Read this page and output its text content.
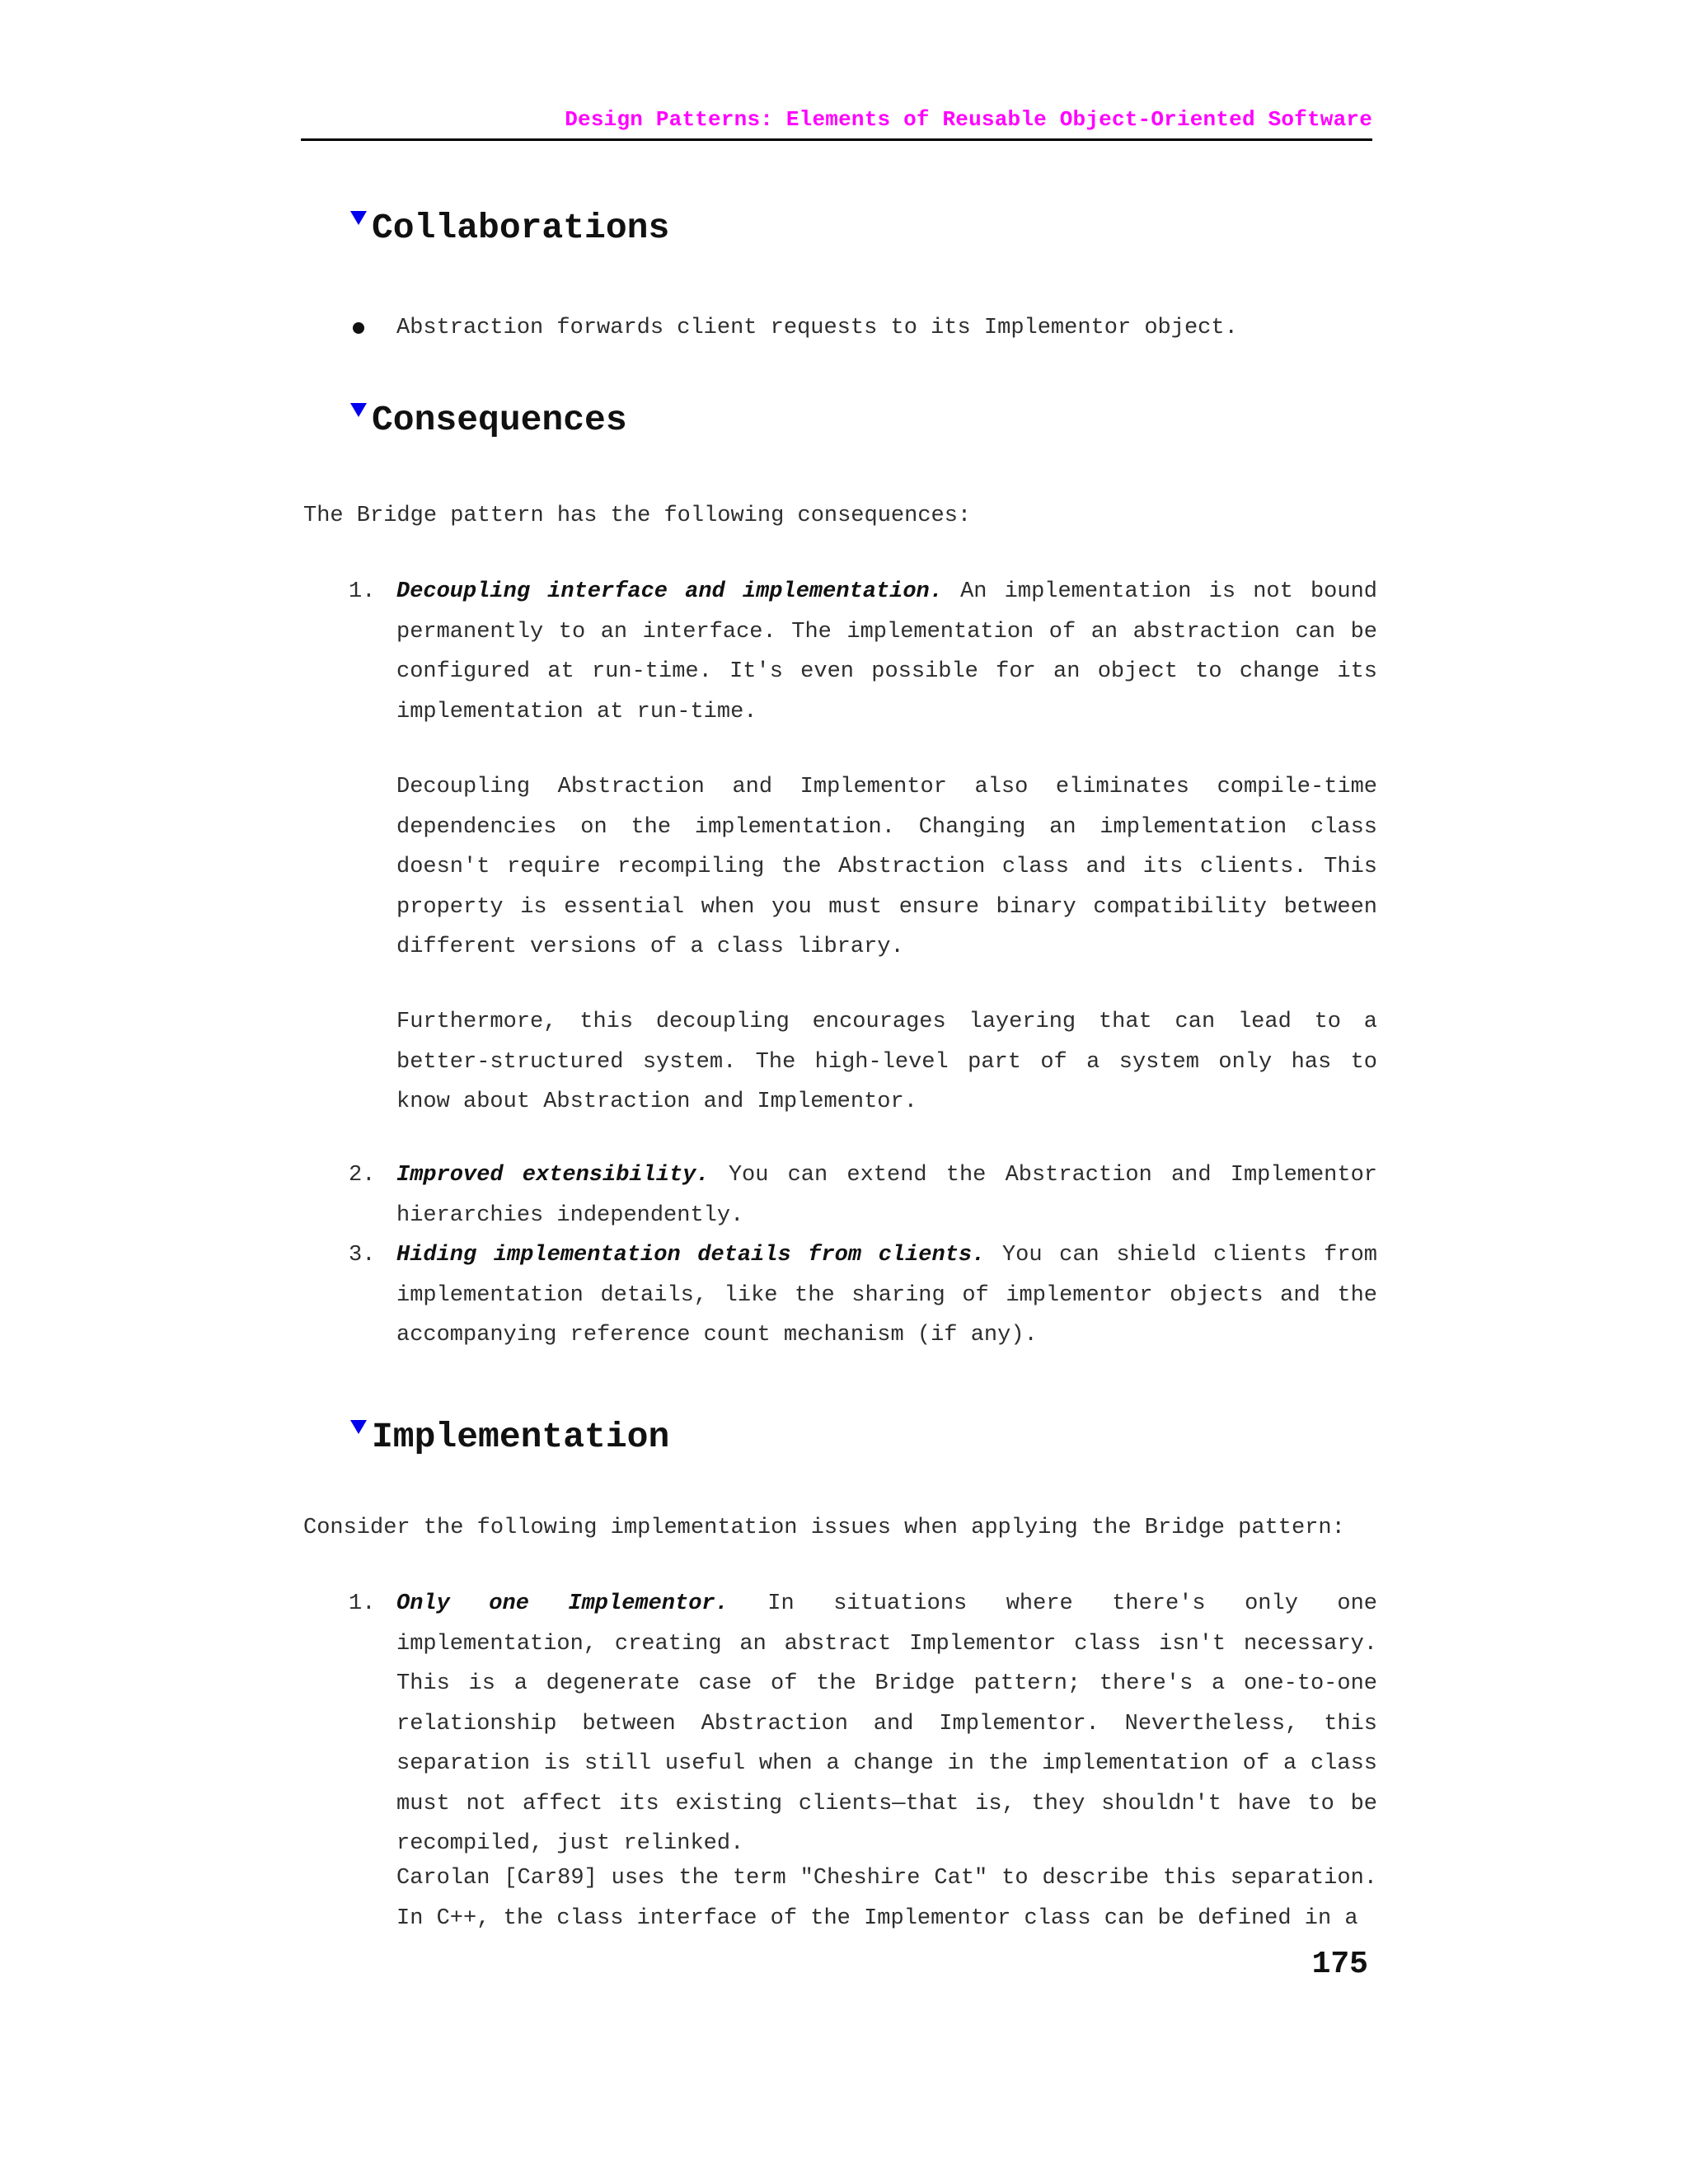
Design Patterns: Elements of Reusable Object-Oriented Software
Collaborations
Abstraction forwards client requests to its Implementor object.
Consequences
The Bridge pattern has the following consequences:
1. Decoupling interface and implementation. An implementation is not bound permanently to an interface. The implementation of an abstraction can be configured at run-time. It's even possible for an object to change its implementation at run-time.
Decoupling Abstraction and Implementor also eliminates compile-time dependencies on the implementation. Changing an implementation class doesn't require recompiling the Abstraction class and its clients. This property is essential when you must ensure binary compatibility between different versions of a class library.
Furthermore, this decoupling encourages layering that can lead to a better-structured system. The high-level part of a system only has to know about Abstraction and Implementor.
2. Improved extensibility. You can extend the Abstraction and Implementor hierarchies independently.
3. Hiding implementation details from clients. You can shield clients from implementation details, like the sharing of implementor objects and the accompanying reference count mechanism (if any).
Implementation
Consider the following implementation issues when applying the Bridge pattern:
1. Only one Implementor. In situations where there's only one implementation, creating an abstract Implementor class isn't necessary. This is a degenerate case of the Bridge pattern; there's a one-to-one relationship between Abstraction and Implementor. Nevertheless, this separation is still useful when a change in the implementation of a class must not affect its existing clients—that is, they shouldn't have to be recompiled, just relinked.
Carolan [Car89] uses the term "Cheshire Cat" to describe this separation. In C++, the class interface of the Implementor class can be defined in a
175
